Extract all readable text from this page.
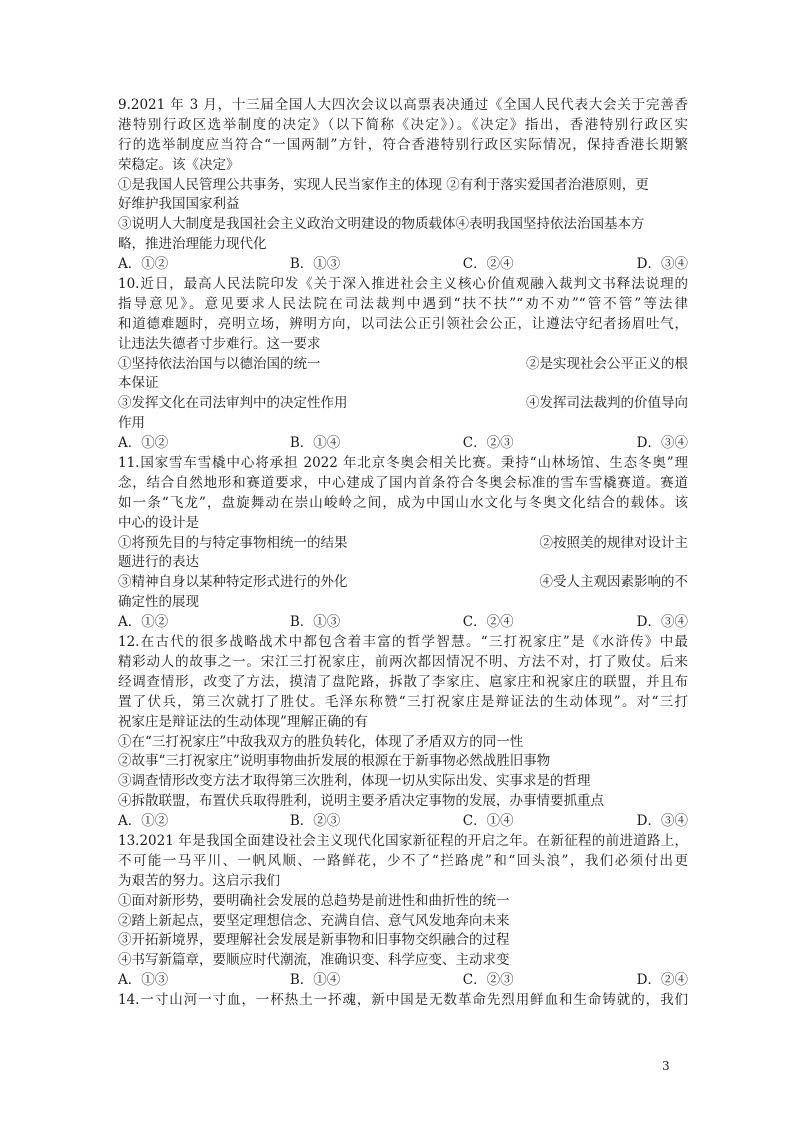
9.2021 年 3 月，十三届全国人大四次会议以高票表决通过《全国人民代表大会关于完善香
港特别行政区选举制度的决定》（以下简称《决定》）。《决定》指出，香港特别行政区实
行的选举制度应当符合“一国两制”方针，符合香港特别行政区实际情况，保持香港长期繁
荣稳定。该《决定》
①是我国人民管理公共事务，实现人民当家作主的体现 ②有利于落实爱国者治港原则，更
好维护我国国家利益
③说明人大制度是我国社会主义政治文明建设的物质载体④表明我国坚持依法治国基本方
略，推进治理能力现代化
A．①②	B．①③	C．②④	D．③④
10.近日，最高人民法院印发《关于深入推进社会主义核心价值观融入裁判文书释法说理的
指导意见》。意见要求人民法院在司法裁判中遇到“扶不扶”“劝不劝”“管不管”等法律
和道德难题时，亮明立场，辨明方向，以司法公正引领社会公正，让遵法守纪者扬眉吐气，
让违法失德者寸步难行。这一要求
①坚持依法治国与以德治国的统一	②是实现社会公平正义的根
本保证
③发挥文化在司法审判中的决定性作用	④发挥司法裁判的价值导向
作用
A．①②	B．①④	C．②③	D．③④
11.国家雪车雪橇中心将承担 2022 年北京冬奥会相关比赛。秉持“山林场馆、生态冬奥”理
念，结合自然地形和赛道要求，中心建成了国内首条符合冬奥会标准的雪车雪橇赛道。赛道
如一条“飞龙”，盘旋舞动在崇山峻岭之间，成为中国山水文化与冬奥文化结合的载体。该
中心的设计是
①将预先目的与特定事物相统一的结果	②按照美的规律对设计主
题进行的表达
③精神自身以某种特定形式进行的外化	④受人主观因素影响的不
确定性的展现
A．①②	B．①③	C．②④	D．③④
12.在古代的很多战略战术中都包含着丰富的哲学智慧。“三打祝家庄”是《水浒传》中最
精彩动人的故事之一。宋江三打祝家庄，前两次都因情况不明、方法不对，打了败仗。后来
经调查情形，改变了方法，摸清了盘陀路，拆散了李家庄、扈家庄和祝家庄的联盟，并且布
置了伏兵，第三次就打了胜仗。毛泽东称赞“三打祝家庄是辩证法的生动体现”。对“三打
祝家庄是辩证法的生动体现”理解正确的有
①在“三打祝家庄”中敌我双方的胜负转化，体现了矛盾双方的同一性
②故事“三打祝家庄”说明事物曲折发展的根源在于新事物必然战胜旧事物
③调查情形改变方法才取得第三次胜利，体现一切从实际出发、实事求是的哲理
④拆散联盟，布置伏兵取得胜利，说明主要矛盾决定事物的发展，办事情要抓重点
A．①②	B．②③	C．①④	D．③④
13.2021 年是我国全面建设社会主义现代化国家新征程的开启之年。在新征程的前进道路上，
不可能一马平川、一帆风顺、一路鲜花，少不了“拦路虎”和“回头浪”，我们必须付出更
为艰苦的努力。这启示我们
①面对新形势，要明确社会发展的总趋势是前进性和曲折性的统一
②踏上新起点，要坚定理想信念、充满自信、意气风发地奔向未来
③开拓新境界，要理解社会发展是新事物和旧事物交织融合的过程
④书写新篇章，要顺应时代潮流，准确识变、科学应变、主动求变
A．①③	B．①④	C．②③	D．②④
14.一寸山河一寸血，一杯热土一抔魂，新中国是无数革命先烈用鲜血和生命铸就的，我们
3
